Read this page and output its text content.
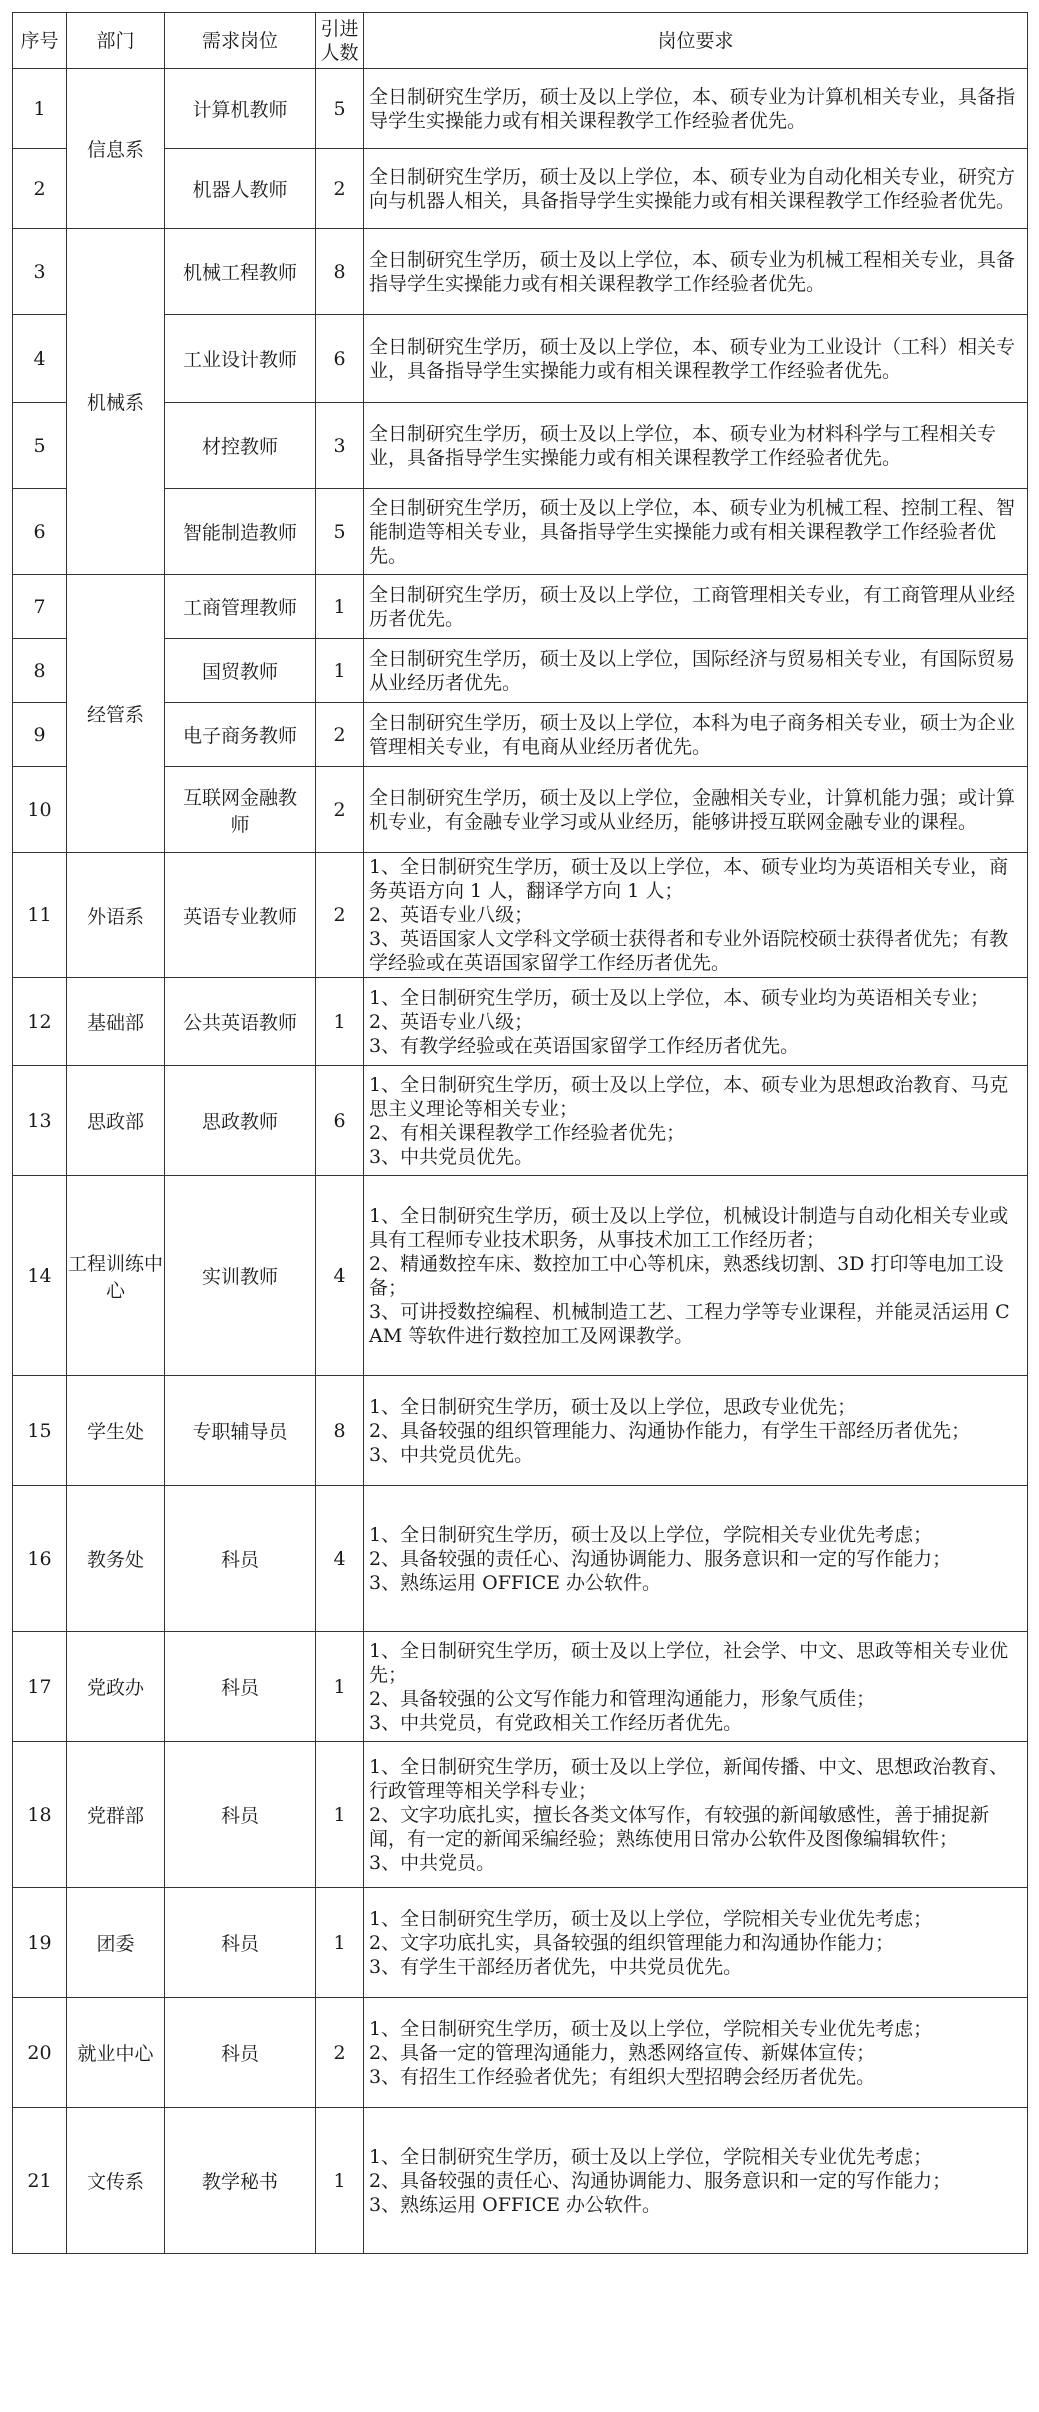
序号	部门	需求岗位	引进人数	岗位要求
1	信息系	计算机教师	5	全日制研究生学历，硕士及以上学位，本、硕专业为计算机相关专业，具备指导学生实操能力或有相关课程教学工作经验者优先。

2		机器人教师	2	全日制研究生学历，硕士及以上学位，本、硕专业为自动化相关专业，研究方向与机器人相关，具备指导学生实操能力或有相关课程教学工作经验者优先。

3	机械系	机械工程教师	8	全日制研究生学历，硕士及以上学位，本、硕专业为机械工程相关专业，具备指导学生实操能力或有相关课程教学工作经验者优先。

4		工业设计教师	6	全日制研究生学历，硕士及以上学位，本、硕专业为工业设计（工科）相关专业，具备指导学生实操能力或有相关课程教学工作经验者优先。

5		材控教师	3	全日制研究生学历，硕士及以上学位，本、硕专业为材料科学与工程相关专业，具备指导学生实操能力或有相关课程教学工作经验者优先。

6		智能制造教师	5	全日制研究生学历，硕士及以上学位，本、硕专业为机械工程、控制工程、智能制造等相关专业，具备指导学生实操能力或有相关课程教学工作经验者优先。

7	经管系	工商管理教师	1	全日制研究生学历，硕士及以上学位，工商管理相关专业，有工商管理从业经历者优先。

8		国贸教师	1	全日制研究生学历，硕士及以上学位，国际经济与贸易相关专业，有国际贸易从业经历者优先。

9		电子商务教师	2	全日制研究生学历，硕士及以上学位，本科为电子商务相关专业，硕士为企业管理相关专业，有电商从业经历者优先。

10		互联网金融教师	2	全日制研究生学历，硕士及以上学位，金融相关专业，计算机能力强；或计算机专业，有金融专业学习或从业经历，能够讲授互联网金融专业的课程。

11	外语系	英语专业教师	2	1、全日制研究生学历，硕士及以上学位，本、硕专业均为英语相关专业，商务英语方向 1 人，翻译学方向 1 人；
2、英语专业八级；
3、英语国家人文学科文学硕士获得者和专业外语院校硕士获得者优先；有教学经验或在英语国家留学工作经历者优先。

12	基础部	公共英语教师	1	1、全日制研究生学历，硕士及以上学位，本、硕专业均为英语相关专业；
2、英语专业八级；
3、有教学经验或在英语国家留学工作经历者优先。

13	思政部	思政教师	6	1、全日制研究生学历，硕士及以上学位，本、硕专业为思想政治教育、马克思主义理论等相关专业；
2、有相关课程教学工作经验者优先；
3、中共党员优先。

14	工程训练中心	实训教师	4	1、全日制研究生学历，硕士及以上学位，机械设计制造与自动化相关专业或具有工程师专业技术职务，从事技术加工工作经历者；
2、精通数控车床、数控加工中心等机床，熟悉线切割、3D 打印等电加工设备；
3、可讲授数控编程、机械制造工艺、工程力学等专业课程，并能灵活运用 CAM 等软件进行数控加工及网课教学。

15	学生处	专职辅导员	8	1、全日制研究生学历，硕士及以上学位，思政专业优先；
2、具备较强的组织管理能力、沟通协作能力，有学生干部经历者优先；
3、中共党员优先。

16	教务处	科员	4	1、全日制研究生学历，硕士及以上学位，学院相关专业优先考虑；
2、具备较强的责任心、沟通协调能力、服务意识和一定的写作能力；
3、熟练运用 OFFICE 办公软件。

17	党政办	科员	1	1、全日制研究生学历，硕士及以上学位，社会学、中文、思政等相关专业优先；
2、具备较强的公文写作能力和管理沟通能力，形象气质佳；
3、中共党员，有党政相关工作经历者优先。

18	党群部	科员	1	1、全日制研究生学历，硕士及以上学位，新闻传播、中文、思想政治教育、行政管理等相关学科专业；
2、文字功底扎实，擅长各类文体写作，有较强的新闻敏感性，善于捕捉新闻，有一定的新闻采编经验；熟练使用日常办公软件及图像编辑软件；
3、中共党员。

19	团委	科员	1	1、全日制研究生学历，硕士及以上学位，学院相关专业优先考虑；
2、文字功底扎实，具备较强的组织管理能力和沟通协作能力；
3、有学生干部经历者优先，中共党员优先。

20	就业中心	科员	2	1、全日制研究生学历，硕士及以上学位，学院相关专业优先考虑；
2、具备一定的管理沟通能力，熟悉网络宣传、新媒体宣传；
3、有招生工作经验者优先；有组织大型招聘会经历者优先。

21	文传系	教学秘书	1	1、全日制研究生学历，硕士及以上学位，学院相关专业优先考虑；
2、具备较强的责任心、沟通协调能力、服务意识和一定的写作能力；
3、熟练运用 OFFICE 办公软件。
